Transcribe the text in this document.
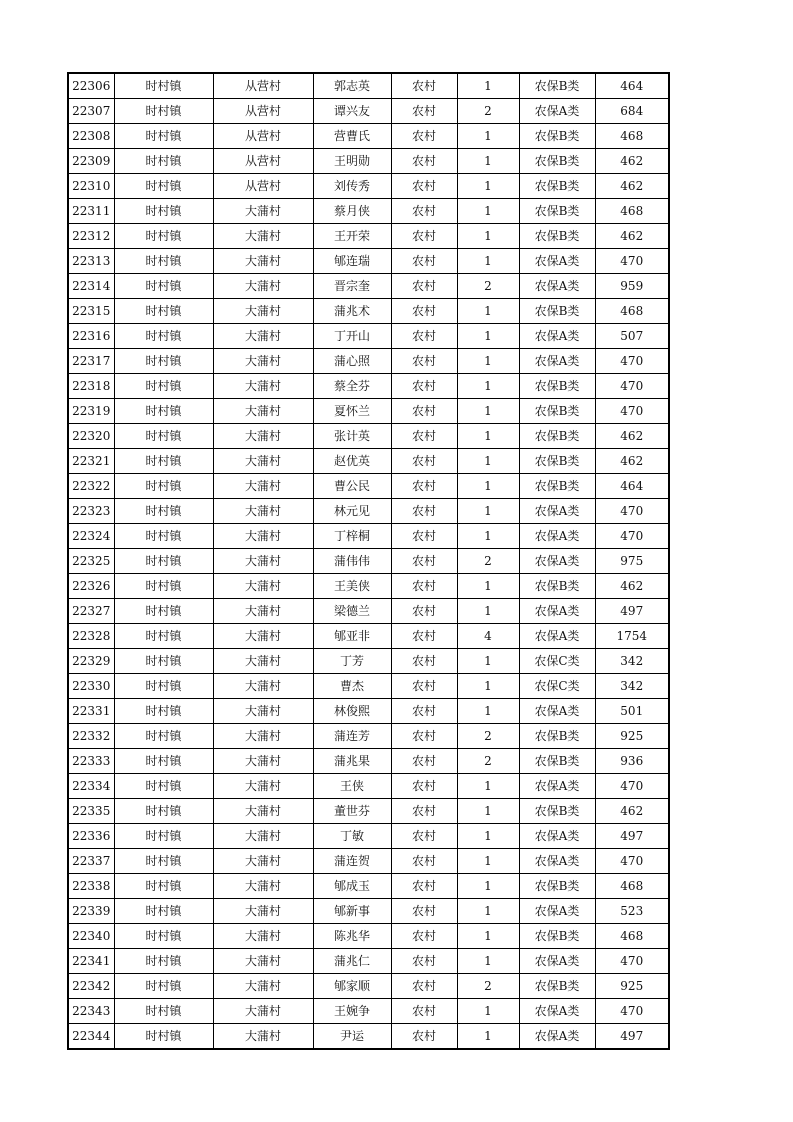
22306	时村镇	从营村	郭志英	农村	1	农保B类	464
22307	时村镇	从营村	谭兴友	农村	2	农保A类	684
22308	时村镇	从营村	营曹氏	农村	1	农保B类	468
22309	时村镇	从营村	王明勋	农村	1	农保B类	462
22310	时村镇	从营村	刘传秀	农村	1	农保B类	462
22311	时村镇	大蒲村	蔡月侠	农村	1	农保B类	468
22312	时村镇	大蒲村	王开荣	农村	1	农保B类	462
22313	时村镇	大蒲村	郇连瑞	农村	1	农保A类	470
22314	时村镇	大蒲村	晋宗奎	农村	2	农保A类	959
22315	时村镇	大蒲村	蒲兆术	农村	1	农保B类	468
22316	时村镇	大蒲村	丁开山	农村	1	农保A类	507
22317	时村镇	大蒲村	蒲心照	农村	1	农保A类	470
22318	时村镇	大蒲村	蔡全芬	农村	1	农保B类	470
22319	时村镇	大蒲村	夏怀兰	农村	1	农保B类	470
22320	时村镇	大蒲村	张计英	农村	1	农保B类	462
22321	时村镇	大蒲村	赵优英	农村	1	农保B类	462
22322	时村镇	大蒲村	曹公民	农村	1	农保B类	464
22323	时村镇	大蒲村	林元见	农村	1	农保A类	470
22324	时村镇	大蒲村	丁梓桐	农村	1	农保A类	470
22325	时村镇	大蒲村	蒲伟伟	农村	2	农保A类	975
22326	时村镇	大蒲村	王美侠	农村	1	农保B类	462
22327	时村镇	大蒲村	梁德兰	农村	1	农保A类	497
22328	时村镇	大蒲村	郇亚非	农村	4	农保A类	1754
22329	时村镇	大蒲村	丁芳	农村	1	农保C类	342
22330	时村镇	大蒲村	曹杰	农村	1	农保C类	342
22331	时村镇	大蒲村	林俊熙	农村	1	农保A类	501
22332	时村镇	大蒲村	蒲连芳	农村	2	农保B类	925
22333	时村镇	大蒲村	蒲兆果	农村	2	农保B类	936
22334	时村镇	大蒲村	王侠	农村	1	农保A类	470
22335	时村镇	大蒲村	董世芬	农村	1	农保B类	462
22336	时村镇	大蒲村	丁敏	农村	1	农保A类	497
22337	时村镇	大蒲村	蒲连贺	农村	1	农保A类	470
22338	时村镇	大蒲村	郇成玉	农村	1	农保B类	468
22339	时村镇	大蒲村	郇新事	农村	1	农保A类	523
22340	时村镇	大蒲村	陈兆华	农村	1	农保B类	468
22341	时村镇	大蒲村	蒲兆仁	农村	1	农保A类	470
22342	时村镇	大蒲村	郇家顺	农村	2	农保B类	925
22343	时村镇	大蒲村	王婉争	农村	1	农保A类	470
22344	时村镇	大蒲村	尹运	农村	1	农保A类	497
